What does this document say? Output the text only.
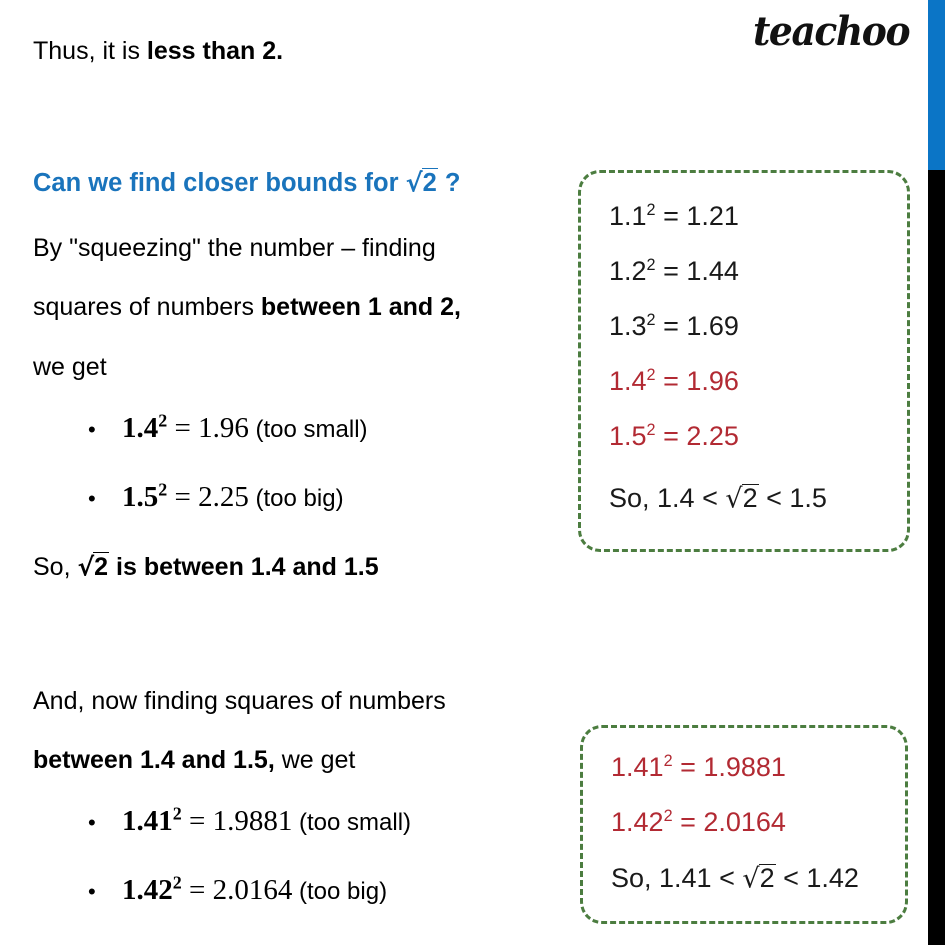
teachoo
Thus, it is less than 2.
Can we find closer bounds for √2 ?
By "squeezing" the number – finding
squares of numbers between 1 and 2,
we get
• $1.4^2 = 1.96$ (too small)
• $1.5^2 = 2.25$ (too big)
So, √2 is between 1.4 and 1.5
And, now finding squares of numbers
between 1.4 and 1.5, we get
• $1.41^2 = 1.9881$ (too small)
• $1.42^2 = 2.0164$ (too big)
$1.1^2 = 1.21$
$1.2^2 = 1.44$
$1.3^2 = 1.69$
$1.4^2 = 1.96$
$1.5^2 = 2.25$
So, 1.4 < √2 < 1.5
$1.41^2 = 1.9881$
$1.42^2 = 2.0164$
So, 1.41 < √2 < 1.42
